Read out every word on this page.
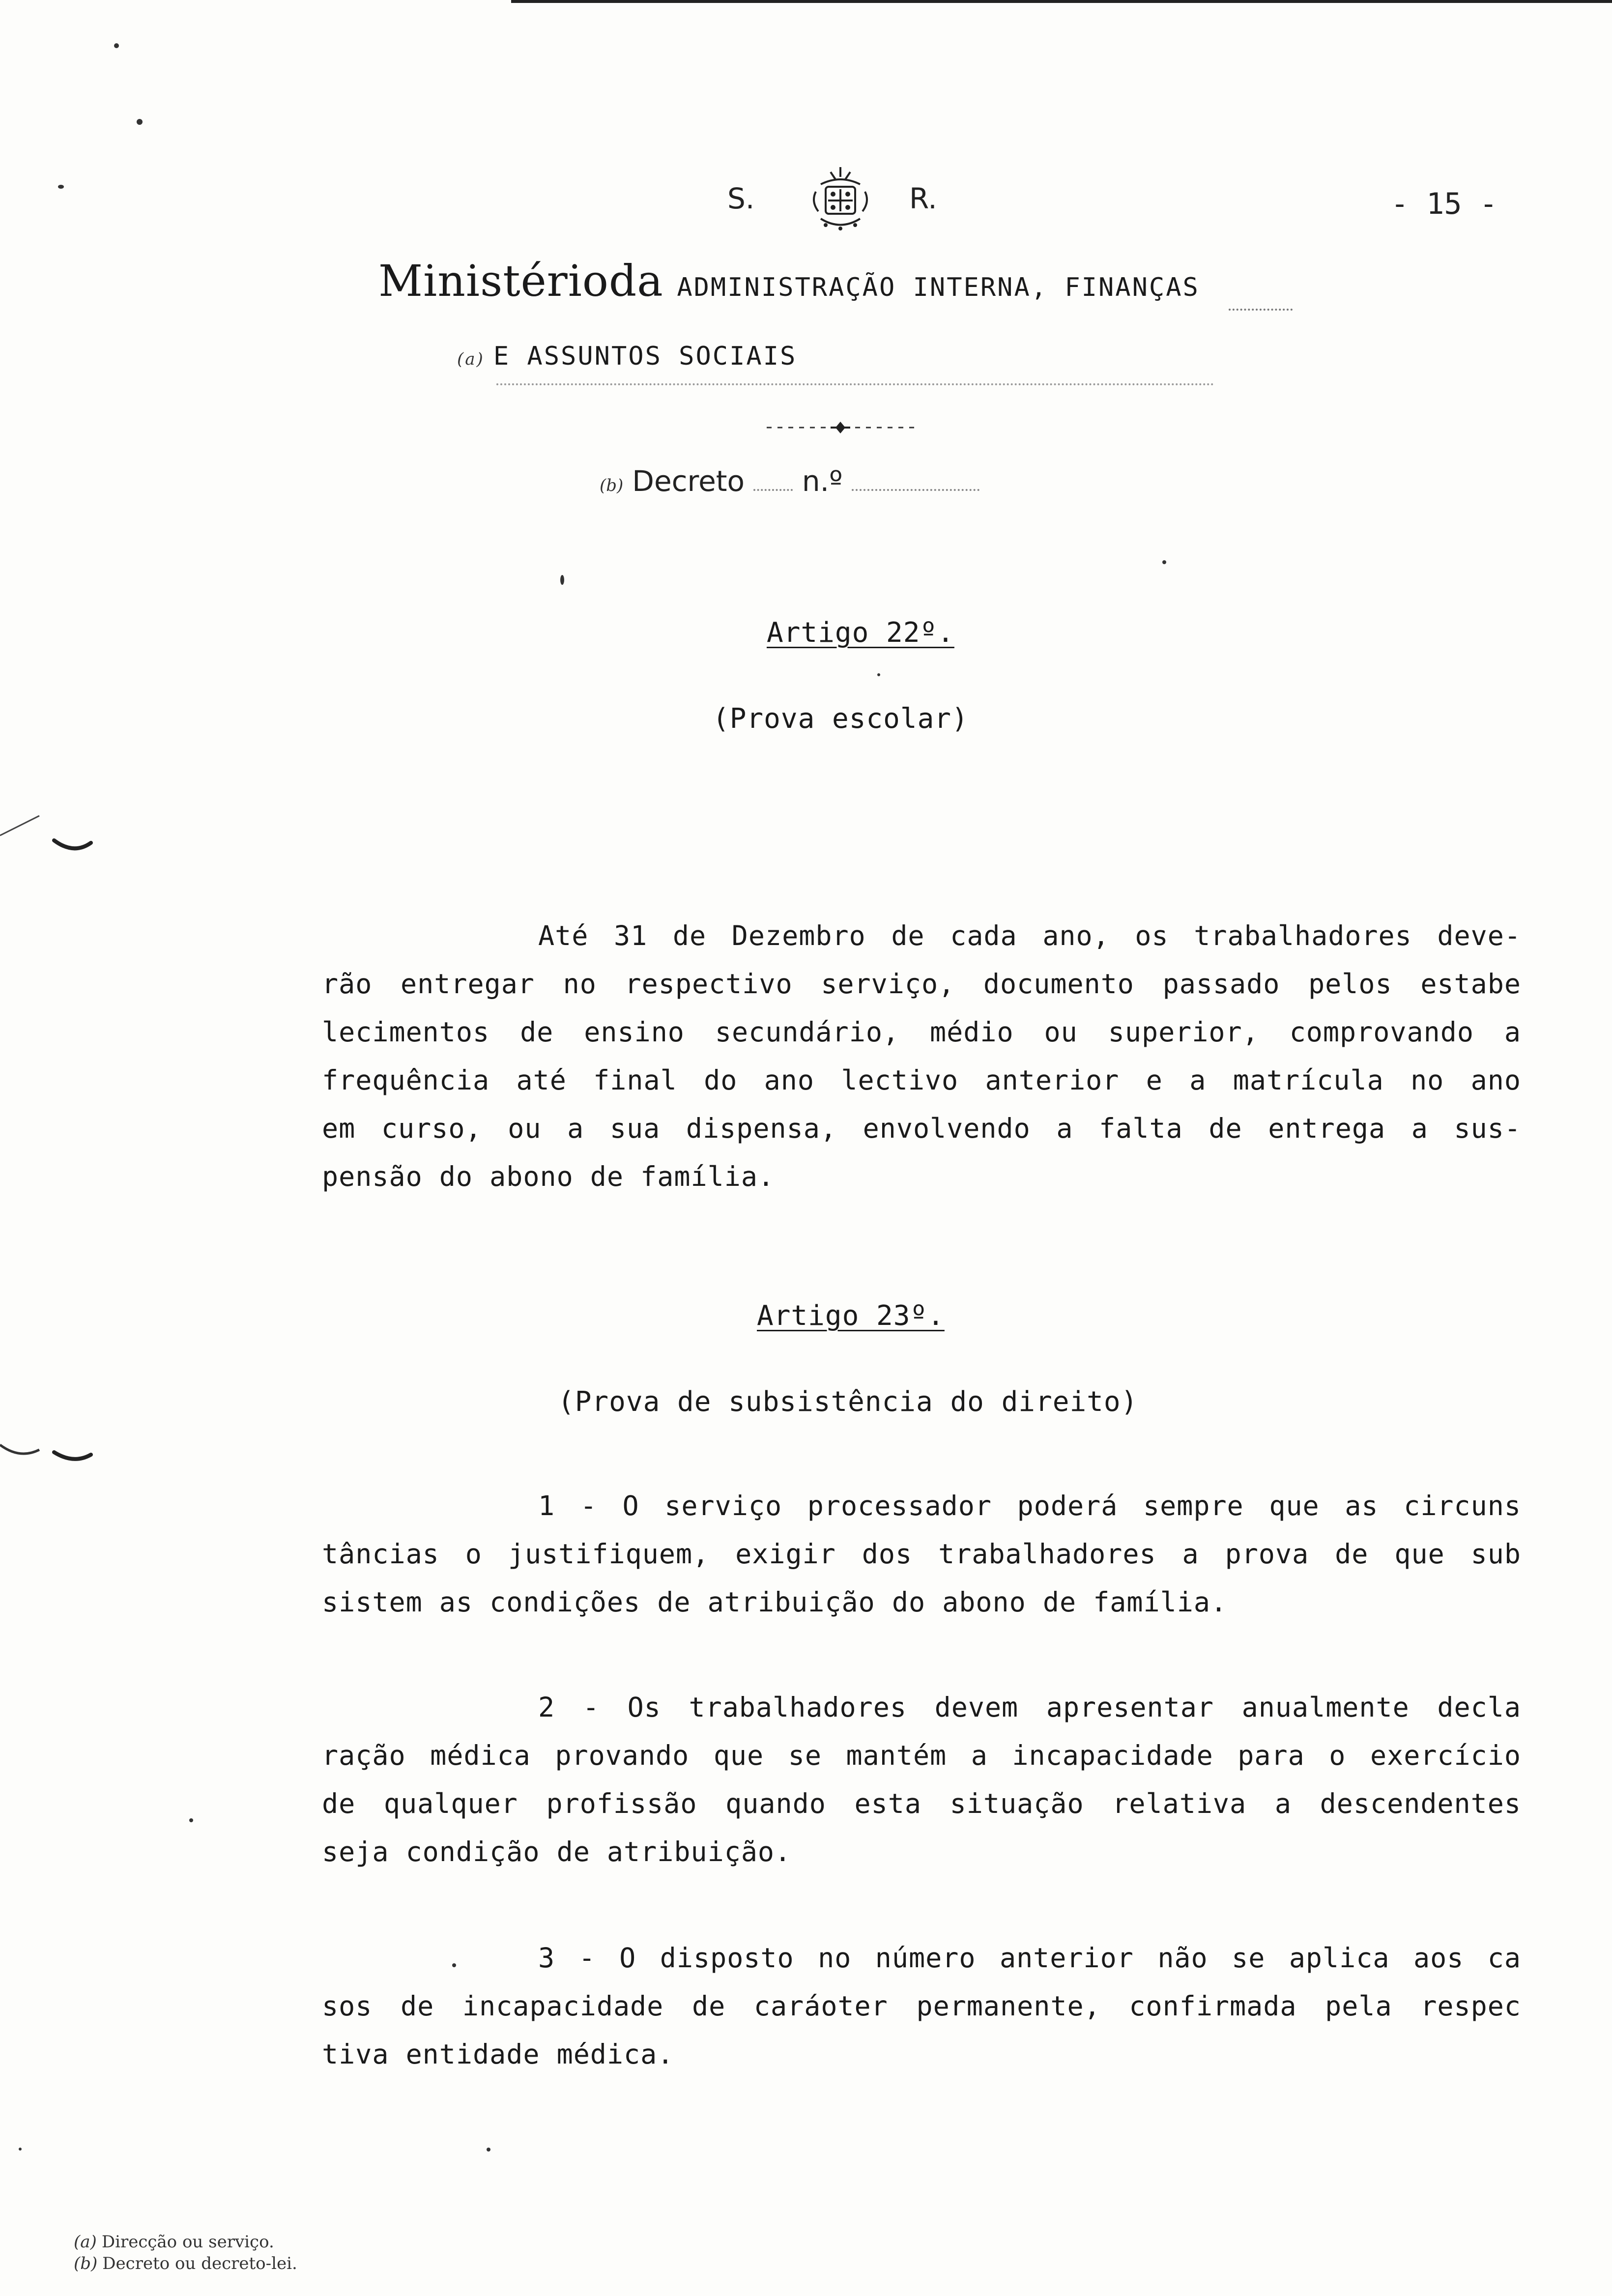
S.	R.	- 15 -
Ministérioda ADMINISTRAÇÃO INTERNA, FINANÇAS
(a) E ASSUNTOS SOCIAIS
(b) Decreto n.º
Artigo 22º.
(Prova escolar)
Até 31 de Dezembro de cada ano, os trabalhadores deve-
rão entregar no respectivo serviço, documento passado pelos estabe
lecimentos de ensino secundário, médio ou superior, comprovando a
frequência até final do ano lectivo anterior e a matrícula no ano
em curso, ou a sua dispensa, envolvendo a falta de entrega a sus-
pensão do abono de família.
Artigo 23º.
(Prova de subsistência do direito)
1 - O serviço processador poderá sempre que as circuns
tâncias o justifiquem, exigir dos trabalhadores a prova de que sub
sistem as condições de atribuição do abono de família.
2 - Os trabalhadores devem apresentar anualmente decla
ração médica provando que se mantém a incapacidade para o exercício
de qualquer profissão quando esta situação relativa a descendentes
seja condição de atribuição.
3 - O disposto no número anterior não se aplica aos ca
sos de incapacidade de caráoter permanente, confirmada pela respec
tiva entidade médica.
(a) Direcção ou serviço.
(b) Decreto ou decreto-lei.
